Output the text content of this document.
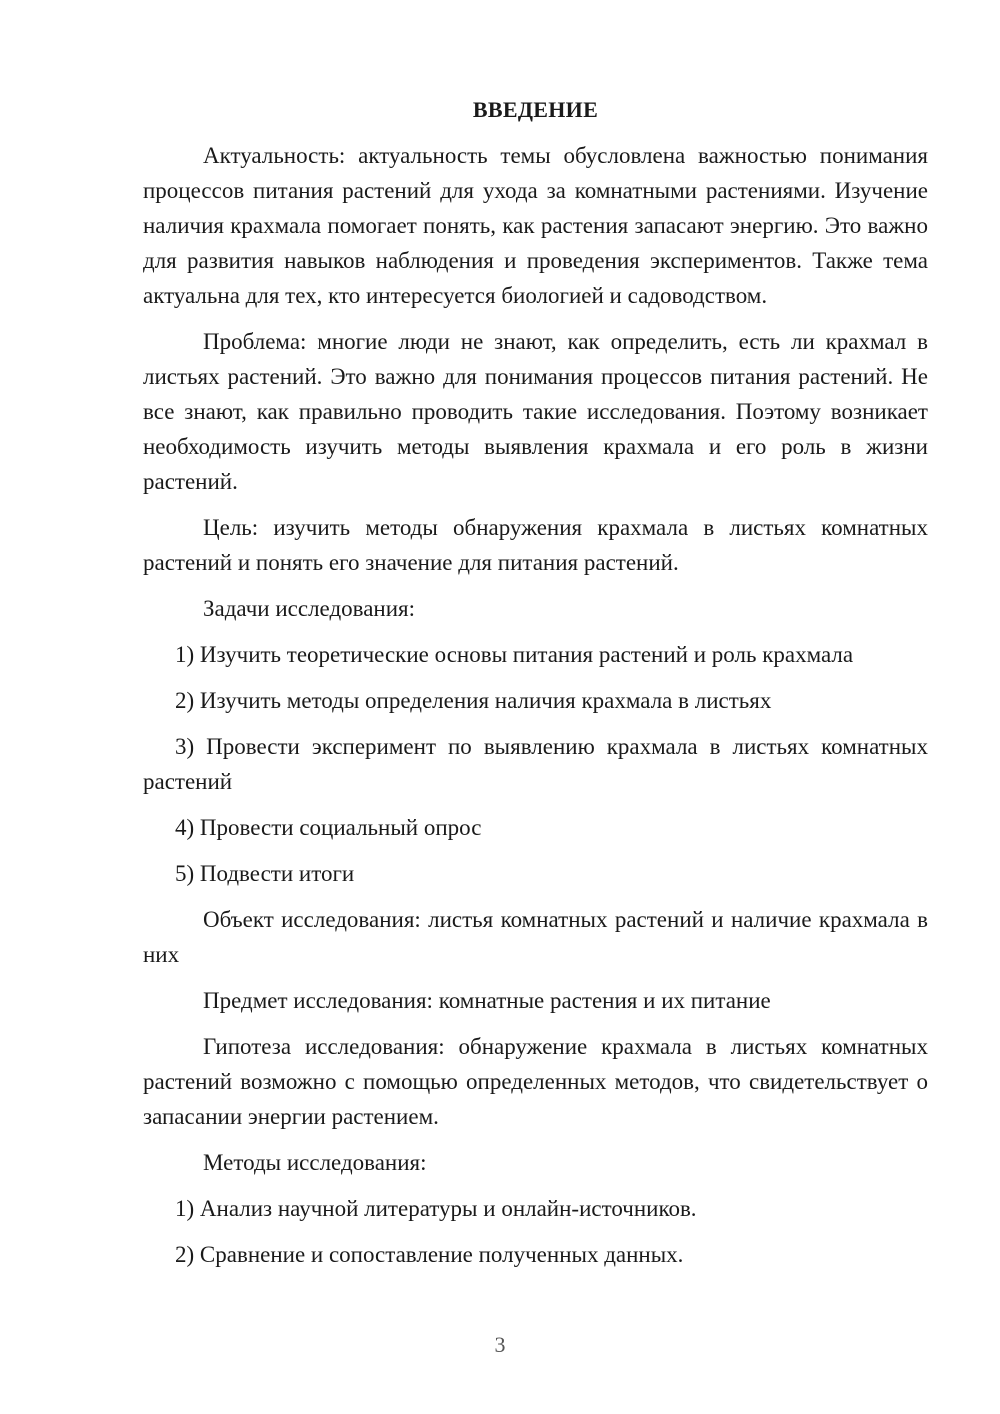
ВВЕДЕНИЕ

Актуальность: актуальность темы обусловлена важностью понимания процессов питания растений для ухода за комнатными растениями. Изучение наличия крахмала помогает понять, как растения запасают энергию. Это важно для развития навыков наблюдения и проведения экспериментов. Также тема актуальна для тех, кто интересуется биологией и садоводством.

Проблема: многие люди не знают, как определить, есть ли крахмал в листьях растений. Это важно для понимания процессов питания растений. Не все знают, как правильно проводить такие исследования. Поэтому возникает необходимость изучить методы выявления крахмала и его роль в жизни растений.

Цель: изучить методы обнаружения крахмала в листьях комнатных растений и понять его значение для питания растений.

Задачи исследования:

1) Изучить теоретические основы питания растений и роль крахмала

2) Изучить методы определения наличия крахмала в листьях

3) Провести эксперимент по выявлению крахмала в листьях комнатных растений

4) Провести социальный опрос

5) Подвести итоги

Объект исследования: листья комнатных растений и наличие крахмала в них

Предмет исследования: комнатные растения и их питание

Гипотеза исследования: обнаружение крахмала в листьях комнатных растений возможно с помощью определенных методов, что свидетельствует о запасании энергии растением.

Методы исследования:

1) Анализ научной литературы и онлайн-источников.

2) Сравнение и сопоставление полученных данных.

3
